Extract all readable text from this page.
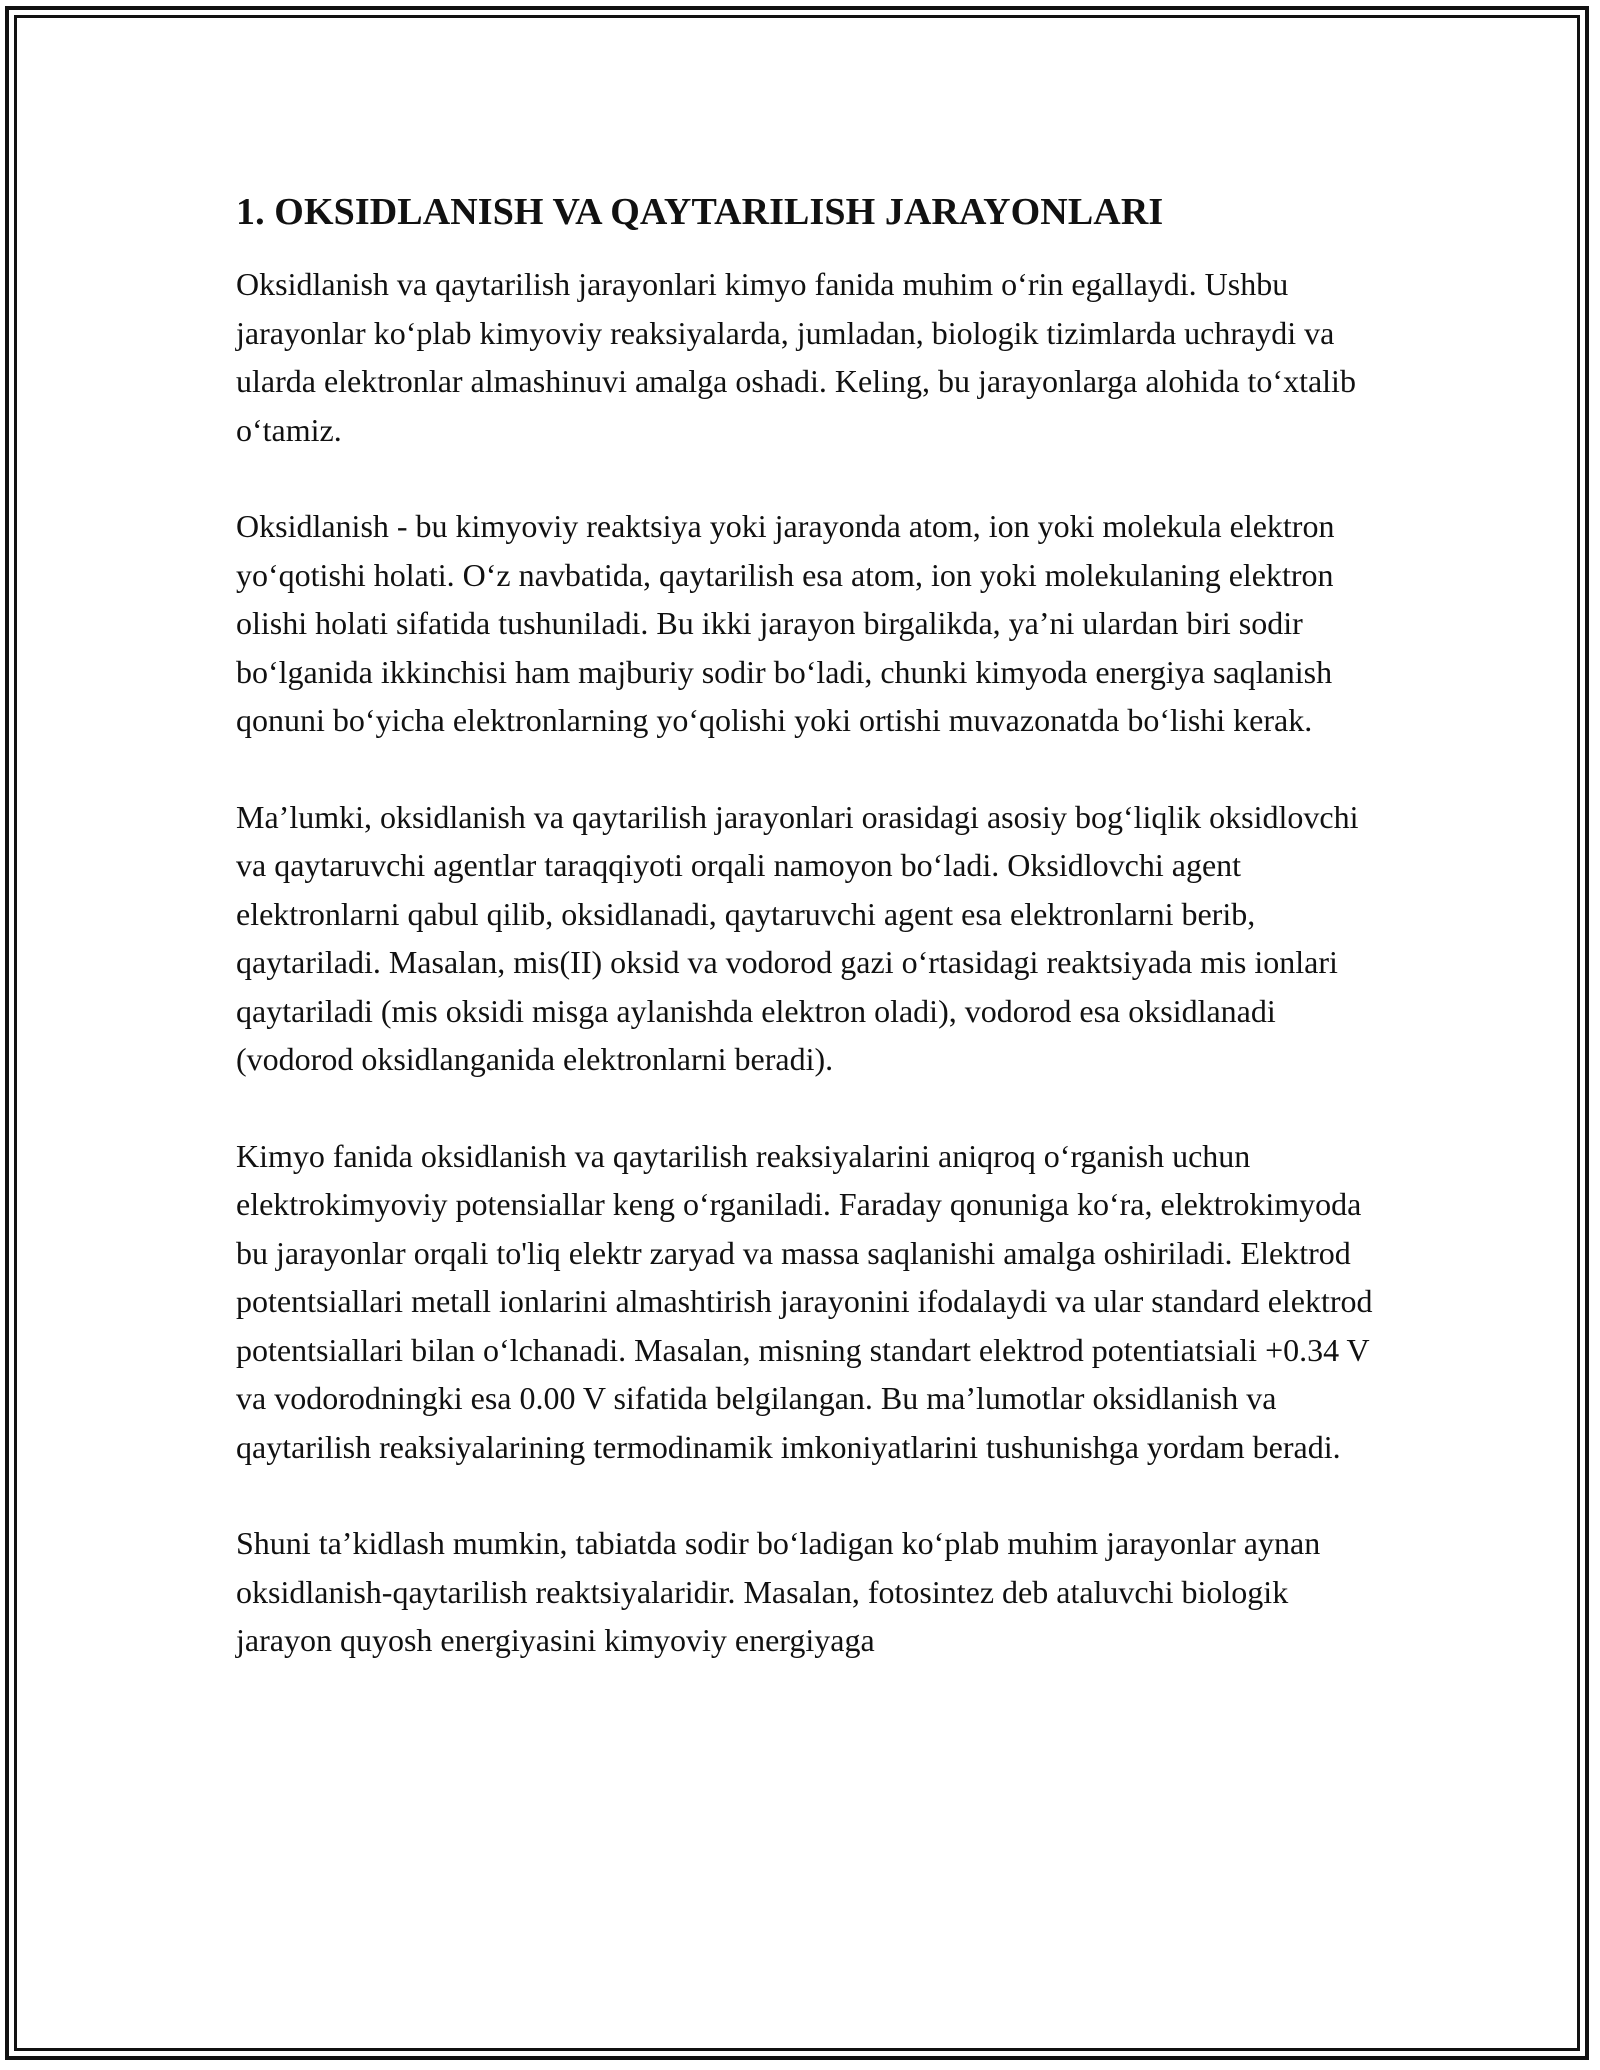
1. OKSIDLANISH VA QAYTARILISH JARAYONLARI

Oksidlanish va qaytarilish jarayonlari kimyo fanida muhim o‘rin egallaydi. Ushbu jarayonlar ko‘plab kimyoviy reaksiyalarda, jumladan, biologik tizimlarda uchraydi va ularda elektronlar almashinuvi amalga oshadi. Keling, bu jarayonlarga alohida to‘xtalib o‘tamiz.

Oksidlanish - bu kimyoviy reaktsiya yoki jarayonda atom, ion yoki molekula elektron yo‘qotishi holati. O‘z navbatida, qaytarilish esa atom, ion yoki molekulaning elektron olishi holati sifatida tushuniladi. Bu ikki jarayon birgalikda, ya’ni ulardan biri sodir bo‘lganida ikkinchisi ham majburiy sodir bo‘ladi, chunki kimyoda energiya saqlanish qonuni bo‘yicha elektronlarning yo‘qolishi yoki ortishi muvazonatda bo‘lishi kerak.

Ma’lumki, oksidlanish va qaytarilish jarayonlari orasidagi asosiy bog‘liqlik oksidlovchi va qaytaruvchi agentlar taraqqiyoti orqali namoyon bo‘ladi. Oksidlovchi agent elektronlarni qabul qilib, oksidlanadi, qaytaruvchi agent esa elektronlarni berib, qaytariladi. Masalan, mis(II) oksid va vodorod gazi o‘rtasidagi reaktsiyada mis ionlari qaytariladi (mis oksidi misga aylanishda elektron oladi), vodorod esa oksidlanadi (vodorod oksidlanganida elektronlarni beradi).

Kimyo fanida oksidlanish va qaytarilish reaksiyalarini aniqroq o‘rganish uchun elektrokimyoviy potensiallar keng o‘rganiladi. Faraday qonuniga ko‘ra, elektrokimyoda bu jarayonlar orqali to'liq elektr zaryad va massa saqlanishi amalga oshiriladi. Elektrod potentsiallari metall ionlarini almashtirish jarayonini ifodalaydi va ular standard elektrod potentsiallari bilan o‘lchanadi. Masalan, misning standart elektrod potentiatsiali +0.34 V va vodorodningki esa 0.00 V sifatida belgilangan. Bu ma’lumotlar oksidlanish va qaytarilish reaksiyalarining termodinamik imkoniyatlarini tushunishga yordam beradi.

Shuni ta’kidlash mumkin, tabiatda sodir bo‘ladigan ko‘plab muhim jarayonlar aynan oksidlanish-qaytarilish reaktsiyalaridir. Masalan, fotosintez deb ataluvchi biologik jarayon quyosh energiyasini kimyoviy energiyaga
